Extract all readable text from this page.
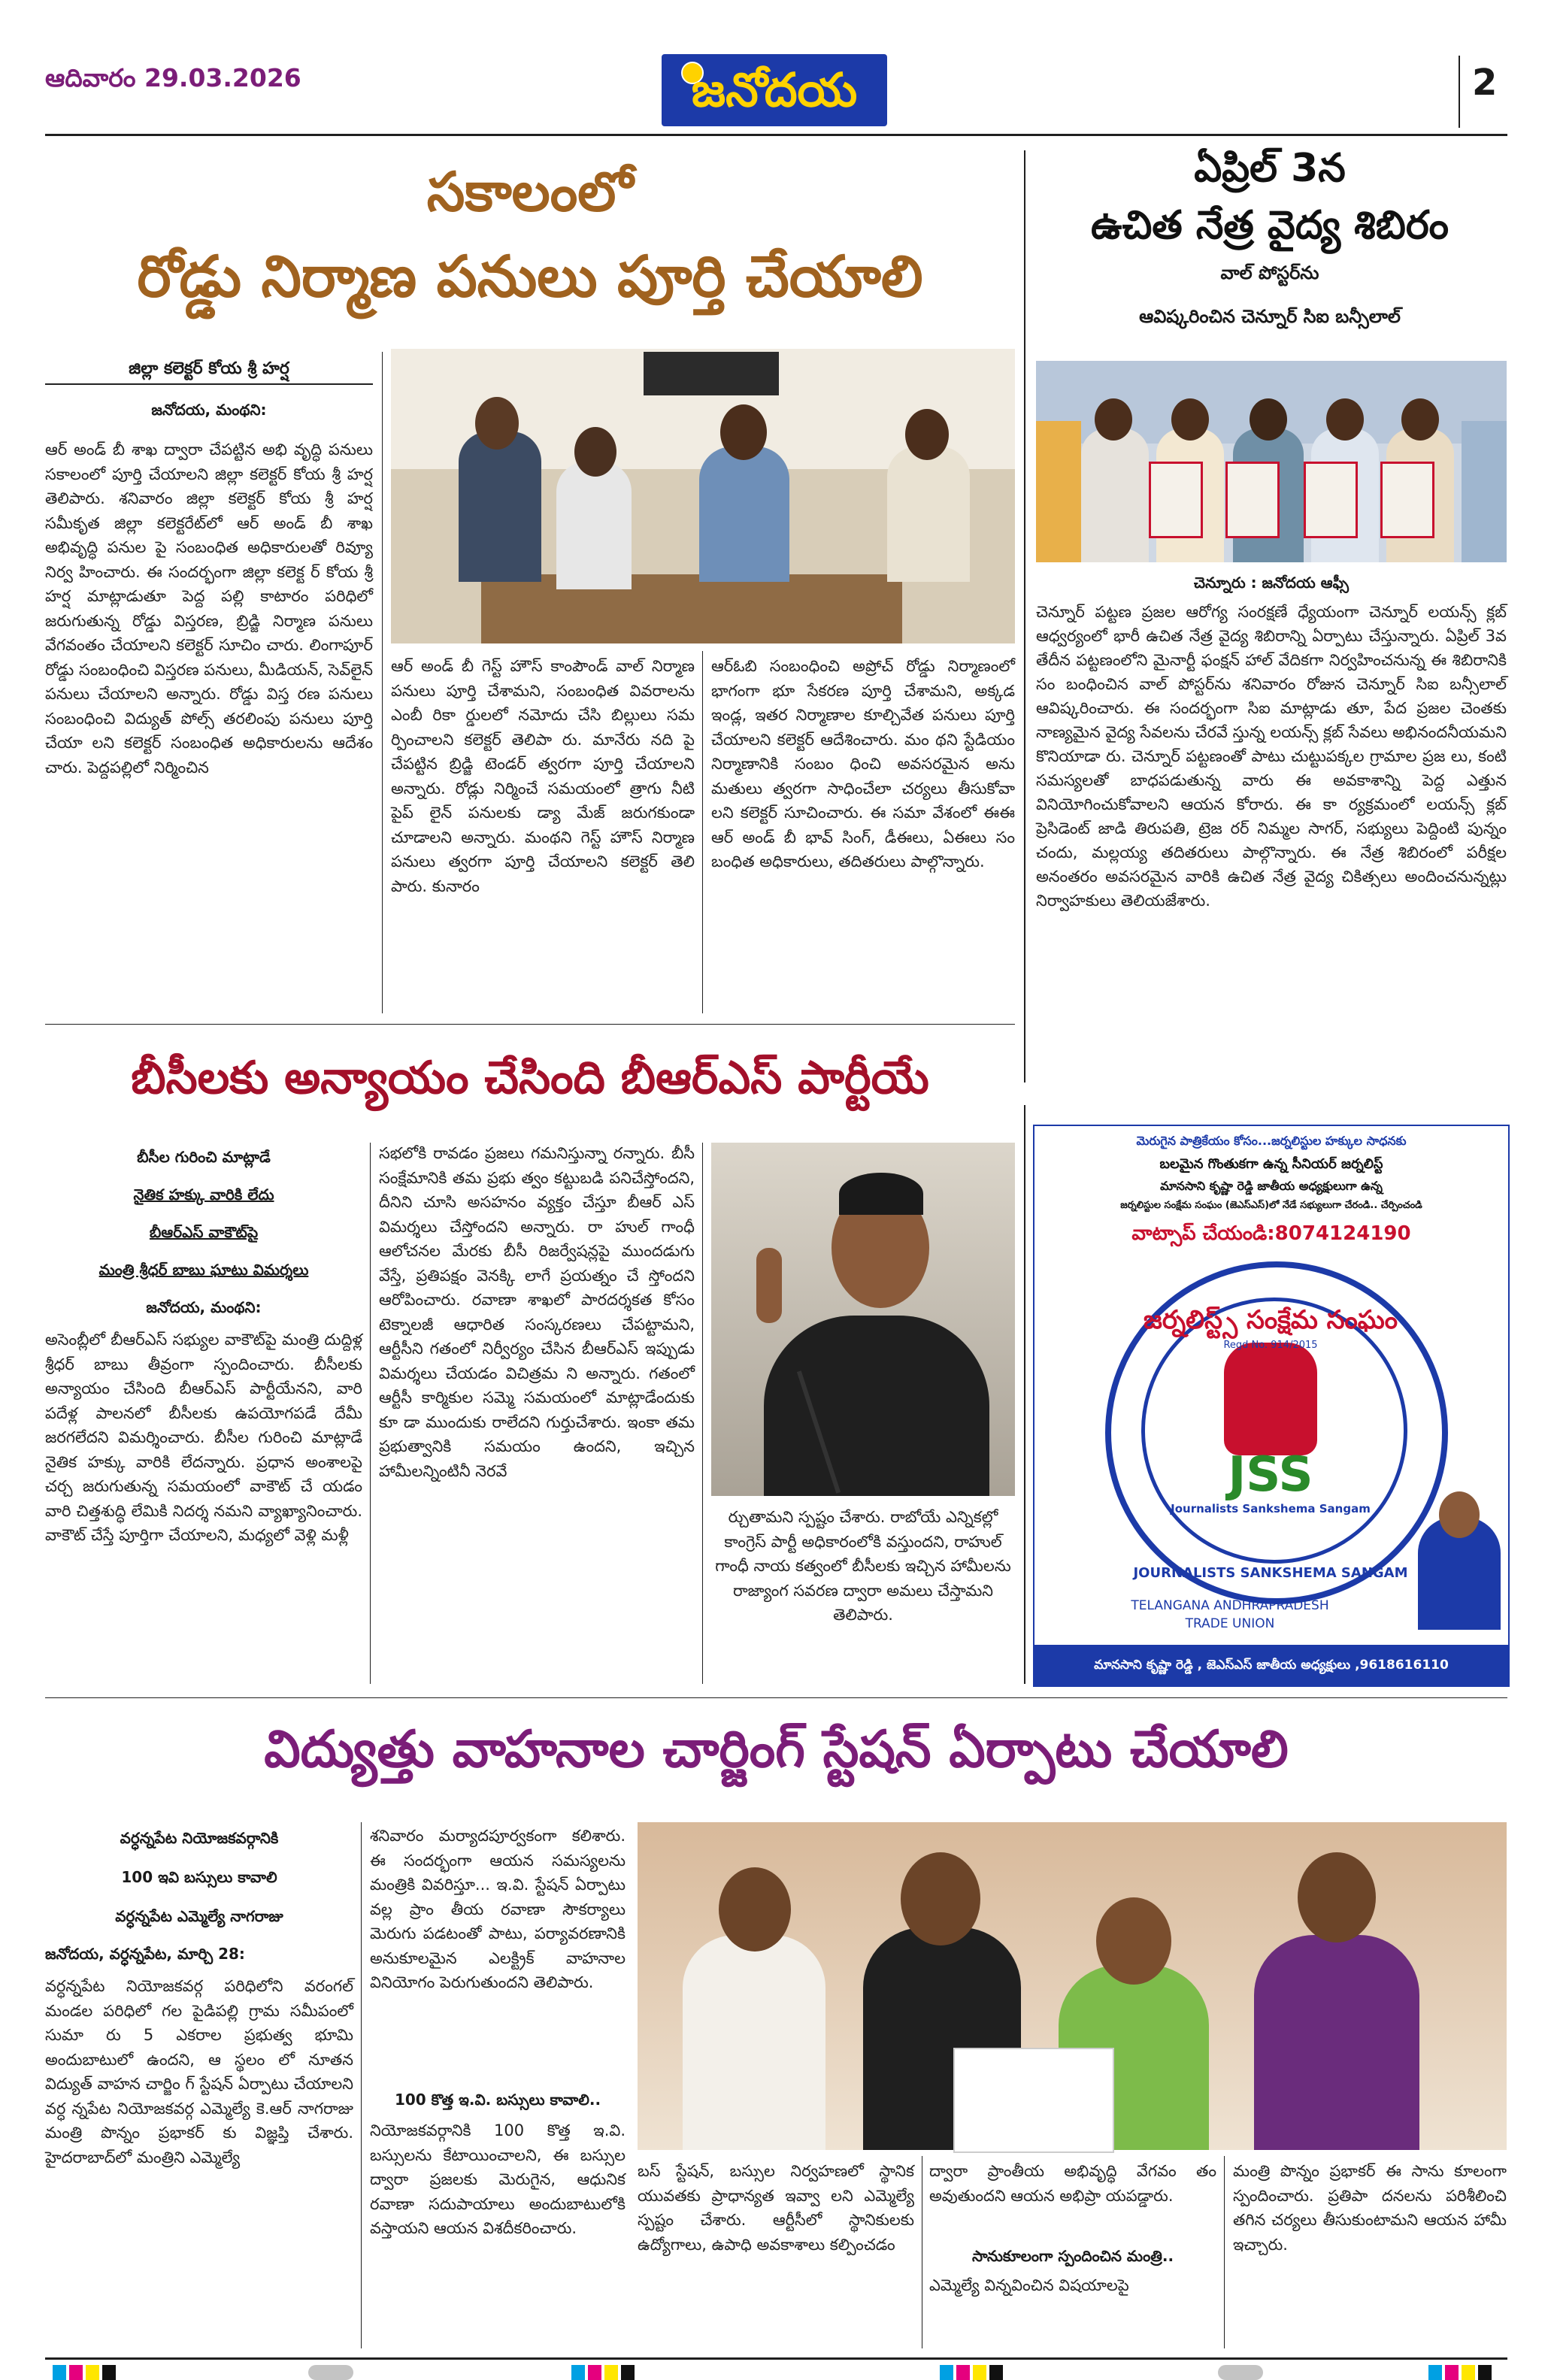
ఆదివారం 29.03.2026	జనోదయ	2
సకాలంలో
రోడ్డు నిర్మాణ పనులు పూర్తి చేయాలి
జిల్లా కలెక్టర్ కోయ శ్రీ హర్ష
జనోదయ, మంథని:
ఆర్ అండ్ బీ శాఖ ద్వారా చేపట్టిన అభి వృద్ధి పనులు సకాలంలో పూర్తి చేయాలని జిల్లా కలెక్టర్ కోయ శ్రీ హర్ష తెలిపారు. శనివారం జిల్లా కలెక్టర్ కోయ శ్రీ హర్ష సమీకృత జిల్లా కలెక్టరేట్‌లో ఆర్ అండ్ బీ శాఖ అభివృద్ధి పనుల పై సంబంధిత అధికారులతో రివ్యూ నిర్వ హించారు. ఈ సందర్భంగా జిల్లా కలెక్ట ర్ కోయ శ్రీ హర్ష మాట్లాడుతూ పెద్ద పల్లి కాటారం పరిధిలో జరుగుతున్న రోడ్డు విస్తరణ, బ్రిడ్జి నిర్మాణ పనులు వేగవంతం చేయాలని కలెక్టర్ సూచిం చారు. లింగాపూర్ రోడ్డు సంబంధించి విస్తరణ పనులు, మీడియన్, సెవ్‌లైన్ పనులు చేయాలని అన్నారు. రోడ్డు విస్త రణ పనులు సంబంధించి విద్యుత్ పోల్స్ తరలింపు పనులు పూర్తి చేయా లని కలెక్టర్ సంబంధిత అధికారులను ఆదేశం చారు. పెద్దపల్లిలో నిర్మించిన
ఆర్ అండ్ బీ గెస్ట్ హౌస్ కాంపౌండ్ వాల్ నిర్మాణ పనులు పూర్తి చేశామని, సంబంధిత వివరాలను ఎంబీ రికా ర్డులలో నమోదు చేసి బిల్లులు సమ ర్పించాలని కలెక్టర్ తెలిపా రు. మానేరు నది పై చేపట్టిన బ్రిడ్జి టెండర్ త్వరగా పూర్తి చేయాలని అన్నారు. రోడ్లు నిర్మించే సమయంలో త్రాగు నీటి పైప్ లైన్ పనులకు డ్యా మేజ్ జరుగకుండా చూడాలని అన్నారు. మంథని గెస్ట్ హౌస్ నిర్మాణ పనులు త్వరగా పూర్తి చేయాలని కలెక్టర్ తెలి పారు. కునారం
ఆర్‌ఓబి సంబంధించి అప్రోచ్ రోడ్డు నిర్మాణంలో భాగంగా భూ సేకరణ పూర్తి చేశామని, అక్కడ ఇండ్ల, ఇతర నిర్మాణాల కూల్చివేత పనులు పూర్తి చేయాలని కలెక్టర్ ఆదేశించారు. మం థని స్టేడియం నిర్మాణానికి సంబం ధించి అవసరమైన అను మతులు త్వరగా సాధించేలా చర్యలు తీసుకోవా లని కలెక్టర్ సూచించారు. ఈ సమా వేశంలో ఈఈ ఆర్ అండ్ బీ భావ్ సింగ్, డీఈలు, ఏఈలు సం బంధిత అధికారులు, తదితరులు పాల్గొన్నారు.
ఏప్రిల్ 3న
ఉచిత నేత్ర వైద్య శిబిరం
వాల్ పోస్టర్‌ను
ఆవిష్కరించిన చెన్నూర్ సిఐ బన్సీలాల్
చెన్నూరు : జనోదయ ఆఫ్సీ
చెన్నూర్ పట్టణ ప్రజల ఆరోగ్య సంరక్షణే ధ్యేయంగా చెన్నూర్ లయన్స్ క్లబ్ ఆధ్వర్యంలో భారీ ఉచిత నేత్ర వైద్య శిబిరాన్ని ఏర్పాటు చేస్తున్నారు. ఏప్రిల్ 3వ తేదీన పట్టణంలోని మైనార్టీ ఫంక్షన్ హాల్ వేదికగా నిర్వహించనున్న ఈ శిబిరానికి సం బంధించిన వాల్ పోస్టర్‌ను శనివారం రోజున చెన్నూర్ సిఐ బన్సీలాల్ ఆవిష్కరించారు. ఈ సందర్భంగా సిఐ మాట్లాడు తూ, పేద ప్రజల చెంతకు నాణ్యమైన వైద్య సేవలను చేరవే స్తున్న లయన్స్ క్లబ్ సేవలు అభినందనీయమని కొనియాడా రు. చెన్నూర్ పట్టణంతో పాటు చుట్టుపక్కల గ్రామాల ప్రజ లు, కంటి సమస్యలతో బాధపడుతున్న వారు ఈ అవకాశాన్ని పెద్ద ఎత్తున వినియోగించుకోవాలని ఆయన కోరారు. ఈ కా ర్యక్రమంలో లయన్స్ క్లబ్ ప్రెసిడెంట్ జాడి తిరుపతి, ట్రెజ రర్ నిమ్మల సాగర్, సభ్యులు పెద్దింటి పున్నం చందు, మల్లయ్య తదితరులు పాల్గొన్నారు. ఈ నేత్ర శిబిరంలో పరీక్షల అనంతరం అవసరమైన వారికి ఉచిత నేత్ర వైద్య చికిత్సలు అందించనున్నట్లు నిర్వాహకులు తెలియజేశారు.
బీసీలకు అన్యాయం చేసింది బీఆర్ఎస్ పార్టీయే
బీసీల గురించి మాట్లాడే
నైతిక హక్కు వారికి లేదు
బీఆర్ఎస్ వాకౌట్‌పై
మంత్రి శ్రీధర్ బాబు ఘాటు విమర్శలు
జనోదయ, మంథని:
అసెంబ్లీలో బీఆర్ఎస్ సభ్యుల వాకౌట్‌పై మంత్రి దుద్దిళ్ల శ్రీధర్ బాబు తీవ్రంగా స్పందించారు. బీసీలకు అన్యాయం చేసింది బీఆర్ఎస్ పార్టీయేనని, వారి పదేళ్ల పాలనలో బీసీలకు ఉపయోగపడే దేమీ జరగలేదని విమర్శించారు. బీసీల గురించి మాట్లాడే నైతిక హక్కు వారికి లేదన్నారు. ప్రధాన అంశాలపై చర్చ జరుగుతున్న సమయంలో వాకౌట్ చే యడం వారి చిత్తశుద్ధి లేమికి నిదర్శ నమని వ్యాఖ్యానించారు. వాకౌట్ చేస్తే పూర్తిగా చేయాలని, మధ్యలో వెళ్లి మళ్లీ
సభలోకి రావడం ప్రజలు గమనిస్తున్నా రన్నారు. బీసీ సంక్షేమానికి తమ ప్రభు త్వం కట్టుబడి పనిచేస్తోందని, దీనిని చూసి అసహనం వ్యక్తం చేస్తూ బీఆర్ ఎస్ విమర్శలు చేస్తోందని అన్నారు. రా హుల్ గాంధీ ఆలోచనల మేరకు బీసీ రిజర్వేషన్లపై ముందడుగు వేస్తే, ప్రతిపక్షం వెనక్కి లాగే ప్రయత్నం చే స్తోందని ఆరోపించారు. రవాణా శాఖలో పారదర్శకత కోసం టెక్నాలజీ ఆధారిత సంస్కరణలు చేపట్టామని, ఆర్టీసీని గతంలో నిర్వీర్యం చేసిన బీఆర్ఎస్ ఇప్పుడు విమర్శలు చేయడం విచిత్రమ ని అన్నారు. గతంలో ఆర్టీసీ కార్మికుల సమ్మె సమయంలో మాట్లాడేందుకు కూ డా ముందుకు రాలేదని గుర్తుచేశారు. ఇంకా తమ ప్రభుత్వానికి సమయం ఉందని, ఇచ్చిన హామీలన్నింటినీ నెరవే
ర్చుతామని స్పష్టం చేశారు. రాబోయే ఎన్నికల్లో కాంగ్రెస్ పార్టీ అధికారంలోకి వస్తుందని, రాహుల్ గాంధీ నాయ కత్వంలో బీసీలకు ఇచ్చిన హామీలను రాజ్యాంగ సవరణ ద్వారా అమలు చేస్తామని తెలిపారు.
మెరుగైన పాత్రికేయం కోసం...జర్నలిస్టుల హక్కుల సాధనకు
బలమైన గొంతుకగా ఉన్న సీనియర్ జర్నలిస్ట్
మానసాని కృష్ణా రెడ్డి జాతీయ అధ్యక్షులుగా ఉన్న
జర్నలిస్టుల సంక్షేమ సంఘం (జెఎస్ఎస్)లో నేడే సభ్యులుగా చేరండి.. చేర్పించండి
వాట్సాప్ చేయండి:8074124190
జర్నలిస్ట్స్ సంక్షేమ సంఘం
Regd No. 914/2015
JSS
Journalists Sankshema Sangam
JOURNALISTS SANKSHEMA SANGAM
TELANGANA ANDHRAPRADESH
TRADE UNION
మానసాని కృష్ణా రెడ్డి , జెఎస్ఎస్ జాతీయ అధ్యక్షులు ,9618616110
విద్యుత్తు వాహనాల చార్జింగ్ స్టేషన్ ఏర్పాటు చేయాలి
వర్ధన్నపేట నియోజకవర్గానికి
100 ఇవి బస్సులు కావాలి
వర్ధన్నపేట ఎమ్మెల్యే నాగరాజు
జనోదయ, వర్ధన్నపేట, మార్చి 28:
వర్ధన్నపేట నియోజకవర్గ పరిధిలోని వరంగల్ మండల పరిధిలో గల పైడిపల్లి గ్రామ సమీపంలో సుమా రు 5 ఎకరాల ప్రభుత్వ భూమి అందుబాటులో ఉందని, ఆ స్థలం లో నూతన విద్యుత్ వాహన చార్జిం గ్ స్టేషన్ ఏర్పాటు చేయాలని వర్ధ న్నపేట నియోజకవర్గ ఎమ్మెల్యే కె.ఆర్ నాగరాజు మంత్రి పొన్నం ప్రభాకర్ కు విజ్ఞప్తి చేశారు. హైదరాబాద్‌లో మంత్రిని ఎమ్మెల్యే
శనివారం మర్యాదపూర్వకంగా కలిశారు. ఈ సందర్భంగా ఆయన సమస్యలను మంత్రికి వివరిస్తూ... ఇ.వి. స్టేషన్ ఏర్పాటు వల్ల ప్రాం తీయ రవాణా సౌకర్యాలు మెరుగు పడటంతో పాటు, పర్యావరణానికి అనుకూలమైన ఎలక్ట్రిక్ వాహనాల వినియోగం పెరుగుతుందని తెలిపారు.
100 కొత్త ఇ.వి. బస్సులు కావాలి..
నియోజకవర్గానికి 100 కొత్త ఇ.వి. బస్సులను కేటాయించాలని, ఈ బస్సుల ద్వారా ప్రజలకు మెరుగైన, ఆధునిక రవాణా సదుపాయాలు అందుబాటులోకి వస్తాయని ఆయన విశదీకరించారు.
బస్ స్టేషన్, బస్సుల నిర్వహణలో స్థానిక యువతకు ప్రాధాన్యత ఇవ్వా లని ఎమ్మెల్యే స్పష్టం చేశారు. ఆర్టీసీలో స్థానికులకు ఉద్యోగాలు, ఉపాధి అవకాశాలు కల్పించడం
ద్వారా ప్రాంతీయ అభివృద్ధి వేగవం తం అవుతుందని ఆయన అభిప్రా యపడ్డారు.
సానుకూలంగా స్పందించిన మంత్రి..
ఎమ్మెల్యే విన్నవించిన విషయాలపై
మంత్రి పొన్నం ప్రభాకర్ ఈ సాను కూలంగా స్పందించారు. ప్రతిపా దనలను పరిశీలించి తగిన చర్యలు తీసుకుంటామని ఆయన హామీ ఇచ్చారు.
